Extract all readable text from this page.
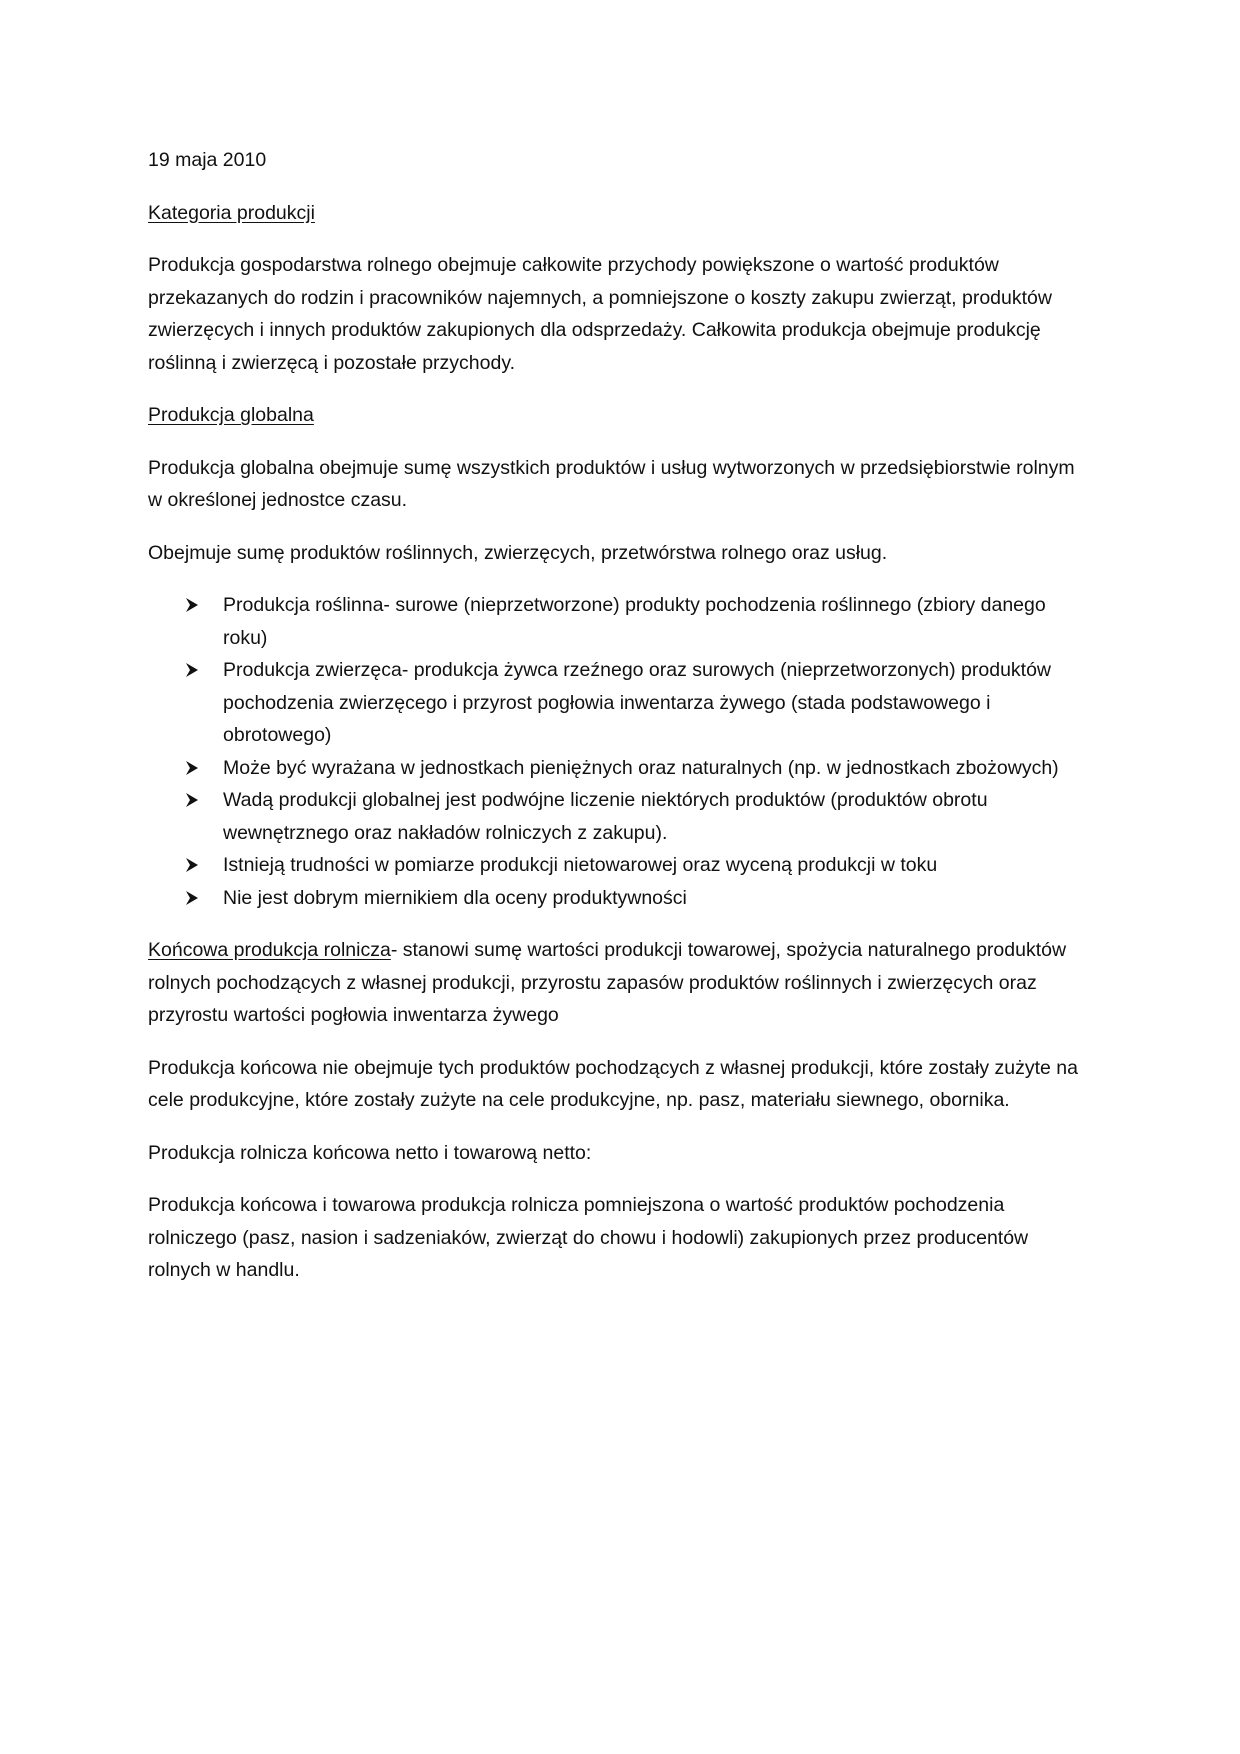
19 maja 2010

Kategoria produkcji

Produkcja gospodarstwa rolnego obejmuje całkowite przychody powiększone o wartość produktów przekazanych do rodzin i pracowników najemnych, a pomniejszone o koszty zakupu zwierząt, produktów zwierzęcych i innych produktów zakupionych dla odsprzedaży. Całkowita produkcja obejmuje produkcję roślinną i zwierzęcą i pozostałe przychody.

Produkcja globalna

Produkcja globalna obejmuje sumę wszystkich produktów i usług wytworzonych w przedsiębiorstwie rolnym w określonej jednostce czasu.

Obejmuje sumę produktów roślinnych, zwierzęcych, przetwórstwa rolnego oraz usług.

Produkcja roślinna- surowe (nieprzetworzone) produkty pochodzenia roślinnego (zbiory danego roku)
Produkcja zwierzęca- produkcja żywca rzeźnego oraz surowych (nieprzetworzonych) produktów pochodzenia zwierzęcego i przyrost pogłowia inwentarza żywego (stada podstawowego i obrotowego)
Może być wyrażana w jednostkach pieniężnych oraz naturalnych (np. w jednostkach zbożowych)
Wadą produkcji globalnej jest podwójne liczenie niektórych produktów (produktów obrotu wewnętrznego oraz nakładów rolniczych z zakupu).
Istnieją trudności w pomiarze produkcji nietowarowej oraz wyceną produkcji w toku
Nie jest dobrym miernikiem dla oceny produktywności

Końcowa produkcja rolnicza- stanowi sumę wartości produkcji towarowej, spożycia naturalnego produktów rolnych pochodzących z własnej produkcji, przyrostu zapasów produktów roślinnych i zwierzęcych oraz przyrostu wartości pogłowia inwentarza żywego

Produkcja końcowa nie obejmuje tych produktów pochodzących z własnej produkcji, które zostały zużyte na cele produkcyjne, które zostały zużyte na cele produkcyjne, np. pasz, materiału siewnego, obornika.

Produkcja rolnicza końcowa netto i towarową netto:

Produkcja końcowa i towarowa produkcja rolnicza pomniejszona o wartość produktów pochodzenia rolniczego (pasz, nasion i sadzeniaków, zwierząt do chowu i hodowli) zakupionych przez producentów rolnych w handlu.
